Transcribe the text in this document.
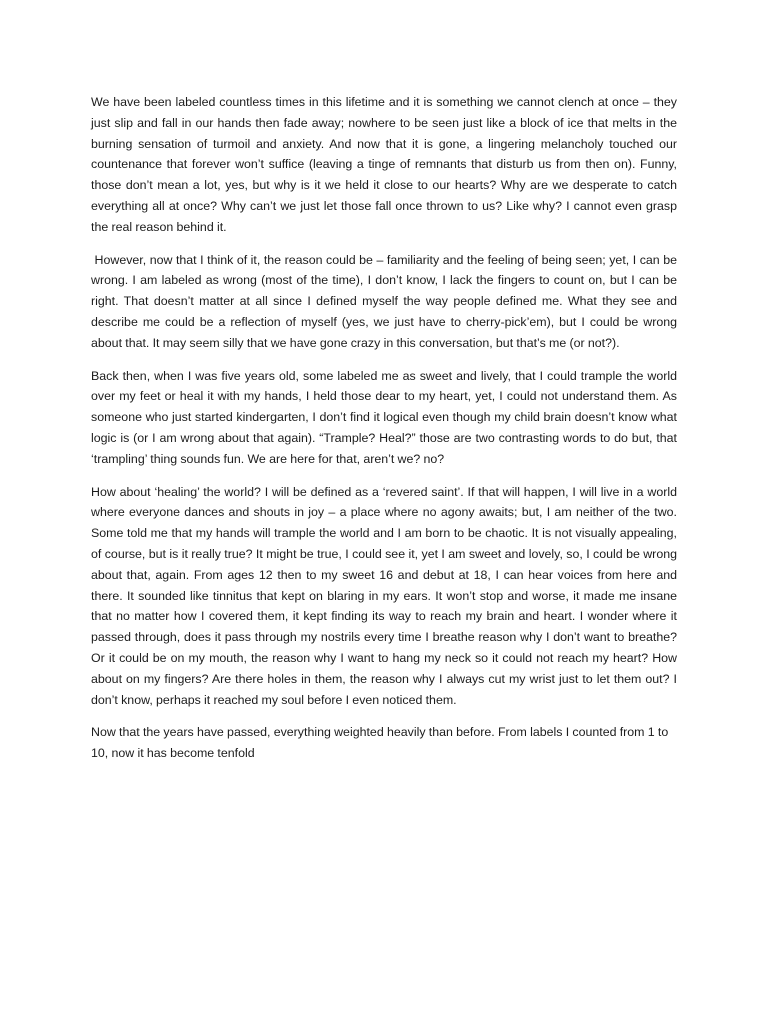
We have been labeled countless times in this lifetime and it is something we cannot clench at once – they just slip and fall in our hands then fade away; nowhere to be seen just like a block of ice that melts in the burning sensation of turmoil and anxiety. And now that it is gone, a lingering melancholy touched our countenance that forever won’t suffice (leaving a tinge of remnants that disturb us from then on). Funny, those don’t mean a lot, yes, but why is it we held it close to our hearts? Why are we desperate to catch everything all at once? Why can’t we just let those fall once thrown to us? Like why? I cannot even grasp the real reason behind it.

However, now that I think of it, the reason could be – familiarity and the feeling of being seen; yet, I can be wrong. I am labeled as wrong (most of the time), I don’t know, I lack the fingers to count on, but I can be right. That doesn’t matter at all since I defined myself the way people defined me. What they see and describe me could be a reflection of myself (yes, we just have to cherry-pick’em), but I could be wrong about that. It may seem silly that we have gone crazy in this conversation, but that’s me (or not?).

Back then, when I was five years old, some labeled me as sweet and lively, that I could trample the world over my feet or heal it with my hands, I held those dear to my heart, yet, I could not understand them. As someone who just started kindergarten, I don’t find it logical even though my child brain doesn’t know what logic is (or I am wrong about that again). “Trample? Heal?” those are two contrasting words to do but, that ‘trampling’ thing sounds fun. We are here for that, aren’t we? no?

How about ‘healing’ the world? I will be defined as a ‘revered saint’. If that will happen, I will live in a world where everyone dances and shouts in joy – a place where no agony awaits; but, I am neither of the two. Some told me that my hands will trample the world and I am born to be chaotic. It is not visually appealing, of course, but is it really true? It might be true, I could see it, yet I am sweet and lovely, so, I could be wrong about that, again. From ages 12 then to my sweet 16 and debut at 18, I can hear voices from here and there. It sounded like tinnitus that kept on blaring in my ears. It won’t stop and worse, it made me insane that no matter how I covered them, it kept finding its way to reach my brain and heart. I wonder where it passed through, does it pass through my nostrils every time I breathe reason why I don’t want to breathe? Or it could be on my mouth, the reason why I want to hang my neck so it could not reach my heart? How about on my fingers? Are there holes in them, the reason why I always cut my wrist just to let them out? I don’t know, perhaps it reached my soul before I even noticed them.

Now that the years have passed, everything weighted heavily than before. From labels I counted from 1 to 10, now it has become tenfold
